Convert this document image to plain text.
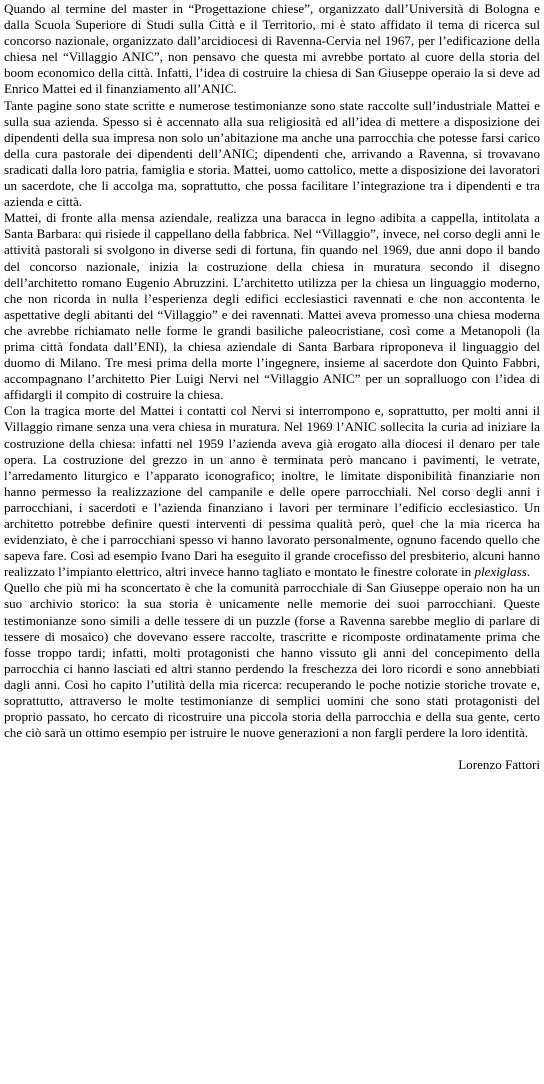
Quando al termine del master in “Progettazione chiese”, organizzato dall’Università di Bologna e dalla Scuola Superiore di Studi sulla Città e il Territorio, mi è stato affidato il tema di ricerca sul concorso nazionale, organizzato dall’arcidiocesi di Ravenna-Cervia nel 1967, per l’edificazione della chiesa nel “Villaggio ANIC”, non pensavo che questa mi avrebbe portato al cuore della storia del boom economico della città. Infatti, l’idea di costruire la chiesa di San Giuseppe operaio la si deve ad Enrico Mattei ed il finanziamento all’ANIC.

Tante pagine sono state scritte e numerose testimonianze sono state raccolte sull’industriale Mattei e sulla sua azienda. Spesso si è accennato alla sua religiosità ed all’idea di mettere a disposizione dei dipendenti della sua impresa non solo un’abitazione ma anche una parrocchia che potesse farsi carico della cura pastorale dei dipendenti dell’ANIC; dipendenti che, arrivando a Ravenna, si trovavano sradicati dalla loro patria, famiglia e storia. Mattei, uomo cattolico, mette a disposizione dei lavoratori un sacerdote, che li accolga ma, soprattutto, che possa facilitare l’integrazione tra i dipendenti e tra azienda e città.

Mattei, di fronte alla mensa aziendale, realizza una baracca in legno adibita a cappella, intitolata a Santa Barbara: qui risiede il cappellano della fabbrica. Nel “Villaggio”, invece, nel corso degli anni le attività pastorali si svolgono in diverse sedi di fortuna, fin quando nel 1969, due anni dopo il bando del concorso nazionale, inizia la costruzione della chiesa in muratura secondo il disegno dell’architetto romano Eugenio Abruzzini. L’architetto utilizza per la chiesa un linguaggio moderno, che non ricorda in nulla l’esperienza degli edifici ecclesiastici ravennati e che non accontenta le aspettative degli abitanti del “Villaggio” e dei ravennati. Mattei aveva promesso una chiesa moderna che avrebbe richiamato nelle forme le grandi basiliche paleocristiane, così come a Metanopoli (la prima città fondata dall’ENI), la chiesa aziendale di Santa Barbara riproponeva il linguaggio del duomo di Milano. Tre mesi prima della morte l’ingegnere, insieme al sacerdote don Quinto Fabbri, accompagnano l’architetto Pier Luigi Nervi nel “Villaggio ANIC” per un sopralluogo con l’idea di affidargli il compito di costruire la chiesa.

Con la tragica morte del Mattei i contatti col Nervi si interrompono e, soprattutto, per molti anni il Villaggio rimane senza una vera chiesa in muratura. Nel 1969 l’ANIC sollecita la curia ad iniziare la costruzione della chiesa: infatti nel 1959 l’azienda aveva già erogato alla diocesi il denaro per tale opera. La costruzione del grezzo in un anno è terminata però mancano i pavimenti, le vetrate, l’arredamento liturgico e l’apparato iconografico; inoltre, le limitate disponibilità finanziarie non hanno permesso la realizzazione del campanile e delle opere parrocchiali. Nel corso degli anni i parrocchiani, i sacerdoti e l’azienda finanziano i lavori per terminare l’edificio ecclesiastico. Un architetto potrebbe definire questi interventi di pessima qualità però, quel che la mia ricerca ha evidenziato, è che i parrocchiani spesso vi hanno lavorato personalmente, ognuno facendo quello che sapeva fare. Così ad esempio Ivano Dari ha eseguito il grande crocefisso del presbiterio, alcuni hanno realizzato l’impianto elettrico, altri invece hanno tagliato e montato le finestre colorate in plexiglass.

Quello che più mi ha sconcertato è che la comunità parrocchiale di San Giuseppe operaio non ha un suo archivio storico: la sua storia è unicamente nelle memorie dei suoi parrocchiani. Queste testimonianze sono simili a delle tessere di un puzzle (forse a Ravenna sarebbe meglio di parlare di tessere di mosaico) che dovevano essere raccolte, trascritte e ricomposte ordinatamente prima che fosse troppo tardi; infatti, molti protagonisti che hanno vissuto gli anni del concepimento della parrocchia ci hanno lasciati ed altri stanno perdendo la freschezza dei loro ricordi e sono annebbiati dagli anni. Così ho capito l’utilità della mia ricerca: recuperando le poche notizie storiche trovate e, soprattutto, attraverso le molte testimonianze di semplici uomini che sono stati protagonisti del proprio passato, ho cercato di ricostruire una piccola storia della parrocchia e della sua gente, certo che ciò sarà un ottimo esempio per istruire le nuove generazioni a non fargli perdere la loro identità.

Lorenzo Fattori
